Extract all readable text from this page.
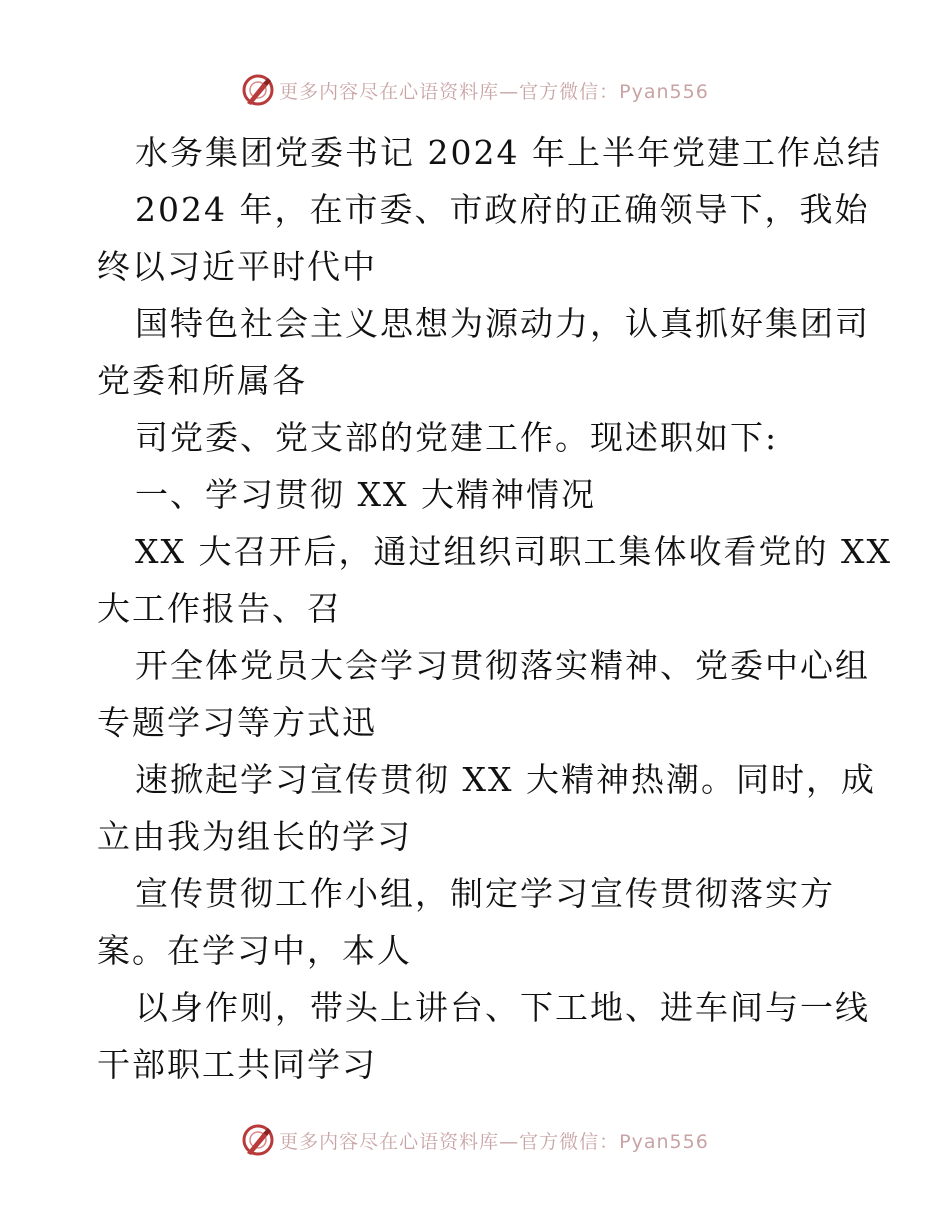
更多内容尽在心语资料库—官方微信：Pyan556
水务集团党委书记 2024 年上半年党建工作总结
2024 年，在市委、市政府的正确领导下，我始
终以习近平时代中
国特色社会主义思想为源动力，认真抓好集团司
党委和所属各
司党委、党支部的党建工作。现述职如下:
一、学习贯彻 XX 大精神情况
XX 大召开后，通过组织司职工集体收看党的 XX
大工作报告、召
开全体党员大会学习贯彻落实精神、党委中心组
专题学习等方式迅
速掀起学习宣传贯彻 XX 大精神热潮。同时，成
立由我为组长的学习
宣传贯彻工作小组，制定学习宣传贯彻落实方
案。在学习中，本人
以身作则，带头上讲台、下工地、进车间与一线
干部职工共同学习
更多内容尽在心语资料库—官方微信：Pyan556
